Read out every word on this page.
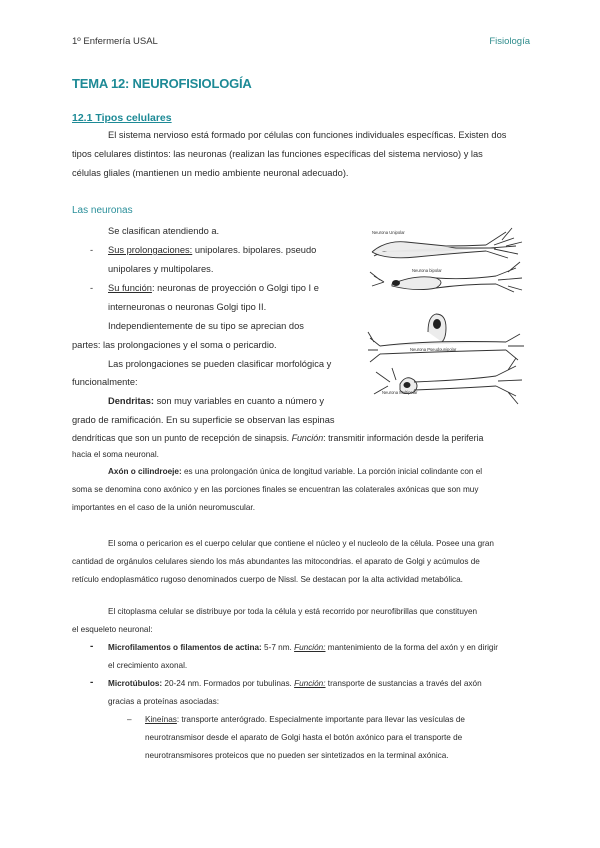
1º Enfermería USAL	Fisiología
TEMA 12: NEUROFISIOLOGÍA
12.1 Tipos celulares
El sistema nervioso está formado por células con funciones individuales específicas. Existen dos
tipos celulares distintos: las neuronas (realizan las funciones específicas del sistema nervioso) y las
células gliales (mantienen un medio ambiente neuronal adecuado).
Las neuronas
Se clasifican atendiendo a.
- Sus prolongaciones: unipolares. bipolares. pseudo
unipolares y multipolares.
- Su función: neuronas de proyección o Golgi tipo I e
interneuronas o neuronas Golgi tipo II.
Independientemente de su tipo se aprecian dos
partes: las prolongaciones y el soma o pericardio.
Las prolongaciones se pueden clasificar morfológica y
funcionalmente:
Dendritas: son muy variables en cuanto a número y
grado de ramificación. En su superficie se observan las espinas
dendríticas que son un punto de recepción de sinapsis. Función: transmitir información desde la periferia
hacia el soma neuronal.
Axón o cilindroeje: es una prolongación única de longitud variable. La porción inicial colindante con el
soma se denomina cono axónico y en las porciones finales se encuentran las colaterales axónicas que son muy
importantes en el caso de la unión neuromuscular.
Neurona Unipolar
Neurona bipolar
Neurona Pseudounipolar
Neurona Multipolar
El soma o pericarion es el cuerpo celular que contiene el núcleo y el nucleolo de la célula. Posee una gran
cantidad de orgánulos celulares siendo los más abundantes las mitocondrias. el aparato de Golgi y acúmulos de
retículo endoplasmático rugoso denominados cuerpo de Nissl. Se destacan por la alta actividad metabólica.
El citoplasma celular se distribuye por toda la célula y está recorrido por neurofibrillas que constituyen
el esqueleto neuronal:
- Microfilamentos o filamentos de actina: 5-7 nm. Función: mantenimiento de la forma del axón y en dirigir
el crecimiento axonal.
- Microtúbulos: 20-24 nm. Formados por tubulinas. Función: transporte de sustancias a través del axón
gracias a proteínas asociadas:
– Kineínas: transporte anterógrado. Especialmente importante para llevar las vesículas de
neurotransmisor desde el aparato de Golgi hasta el botón axónico para el transporte de
neurotransmisores proteicos que no pueden ser sintetizados en la terminal axónica.
